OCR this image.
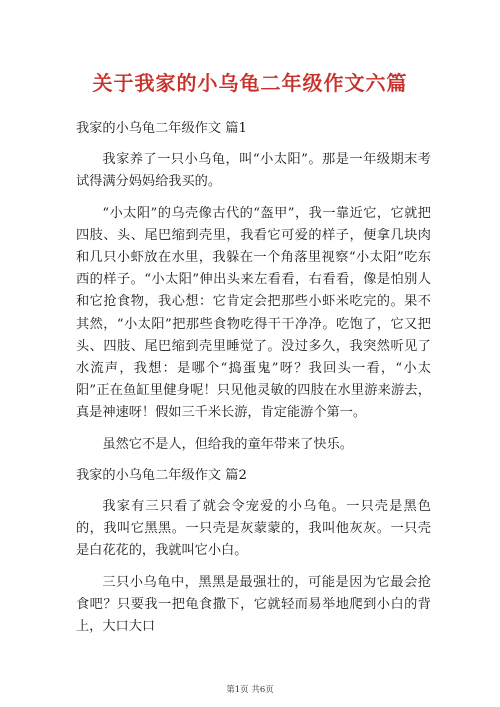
关于我家的小乌龟二年级作文六篇
我家的小乌龟二年级作文 篇1

我家养了一只小乌龟，叫“小太阳”。那是一年级期末考试得满分妈妈给我买的。

“小太阳”的乌壳像古代的“盔甲”，我一靠近它，它就把四肢、头、尾巴缩到壳里，我看它可爱的样子，便拿几块肉和几只小虾放在水里，我躲在一个角落里视察“小太阳”吃东西的样子。“小太阳”伸出头来左看看，右看看，像是怕别人和它抢食物，我心想：它肯定会把那些小虾米吃完的。果不其然，“小太阳”把那些食物吃得干干净净。吃饱了，它又把头、四肢、尾巴缩到壳里睡觉了。没过多久，我突然听见了水流声，我想：是哪个“捣蛋鬼”呀？我回头一看，“小太阳”正在鱼缸里健身呢！只见他灵敏的四肢在水里游来游去，真是神速呀！假如三千米长游，肯定能游个第一。

虽然它不是人，但给我的童年带来了快乐。

我家的小乌龟二年级作文 篇2

我家有三只看了就会令宠爱的小乌龟。一只壳是黑色的，我叫它黑黑。一只壳是灰蒙蒙的，我叫他灰灰。一只壳是白花花的，我就叫它小白。

三只小乌龟中，黑黑是最强壮的，可能是因为它最会抢食吧？只要我一把龟食撒下，它就轻而易举地爬到小白的背上，大口大口

第1页 共6页
